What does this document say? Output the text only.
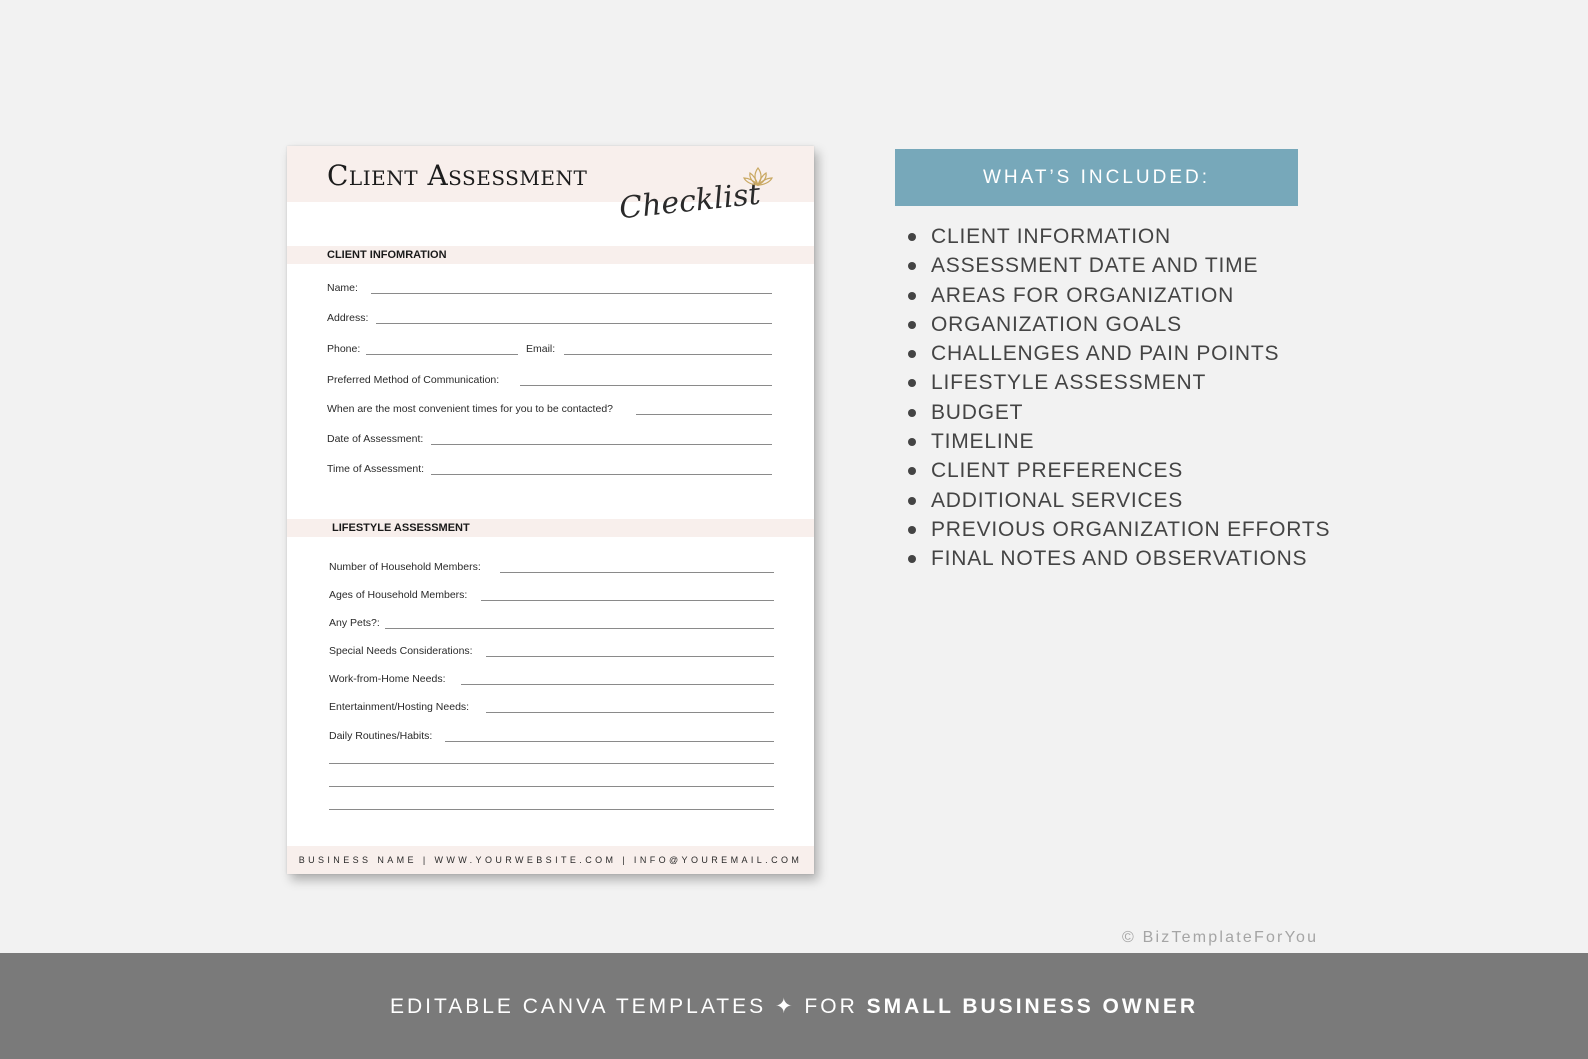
Client Assessment
Checklist
CLIENT INFOMRATION
Name:
Address:
Phone:	Email:
Preferred Method of Communication:
When are the most convenient times for you to be contacted?
Date of Assessment:
Time of Assessment:
LIFESTYLE ASSESSMENT
Number of Household Members:
Ages of Household Members:
Any Pets?:
Special Needs Considerations:
Work-from-Home Needs:
Entertainment/Hosting Needs:
Daily Routines/Habits:
BUSINESS NAME | WWW.YOURWEBSITE.COM | INFO@YOUREMAIL.COM
WHAT’S INCLUDED:
CLIENT INFORMATION
ASSESSMENT DATE AND TIME
AREAS FOR ORGANIZATION
ORGANIZATION GOALS
CHALLENGES AND PAIN POINTS
LIFESTYLE ASSESSMENT
BUDGET
TIMELINE
CLIENT PREFERENCES
ADDITIONAL SERVICES
PREVIOUS ORGANIZATION EFFORTS
FINAL NOTES AND OBSERVATIONS
© BizTemplateForYou
EDITABLE CANVA TEMPLATES ✦ FOR SMALL BUSINESS OWNER
